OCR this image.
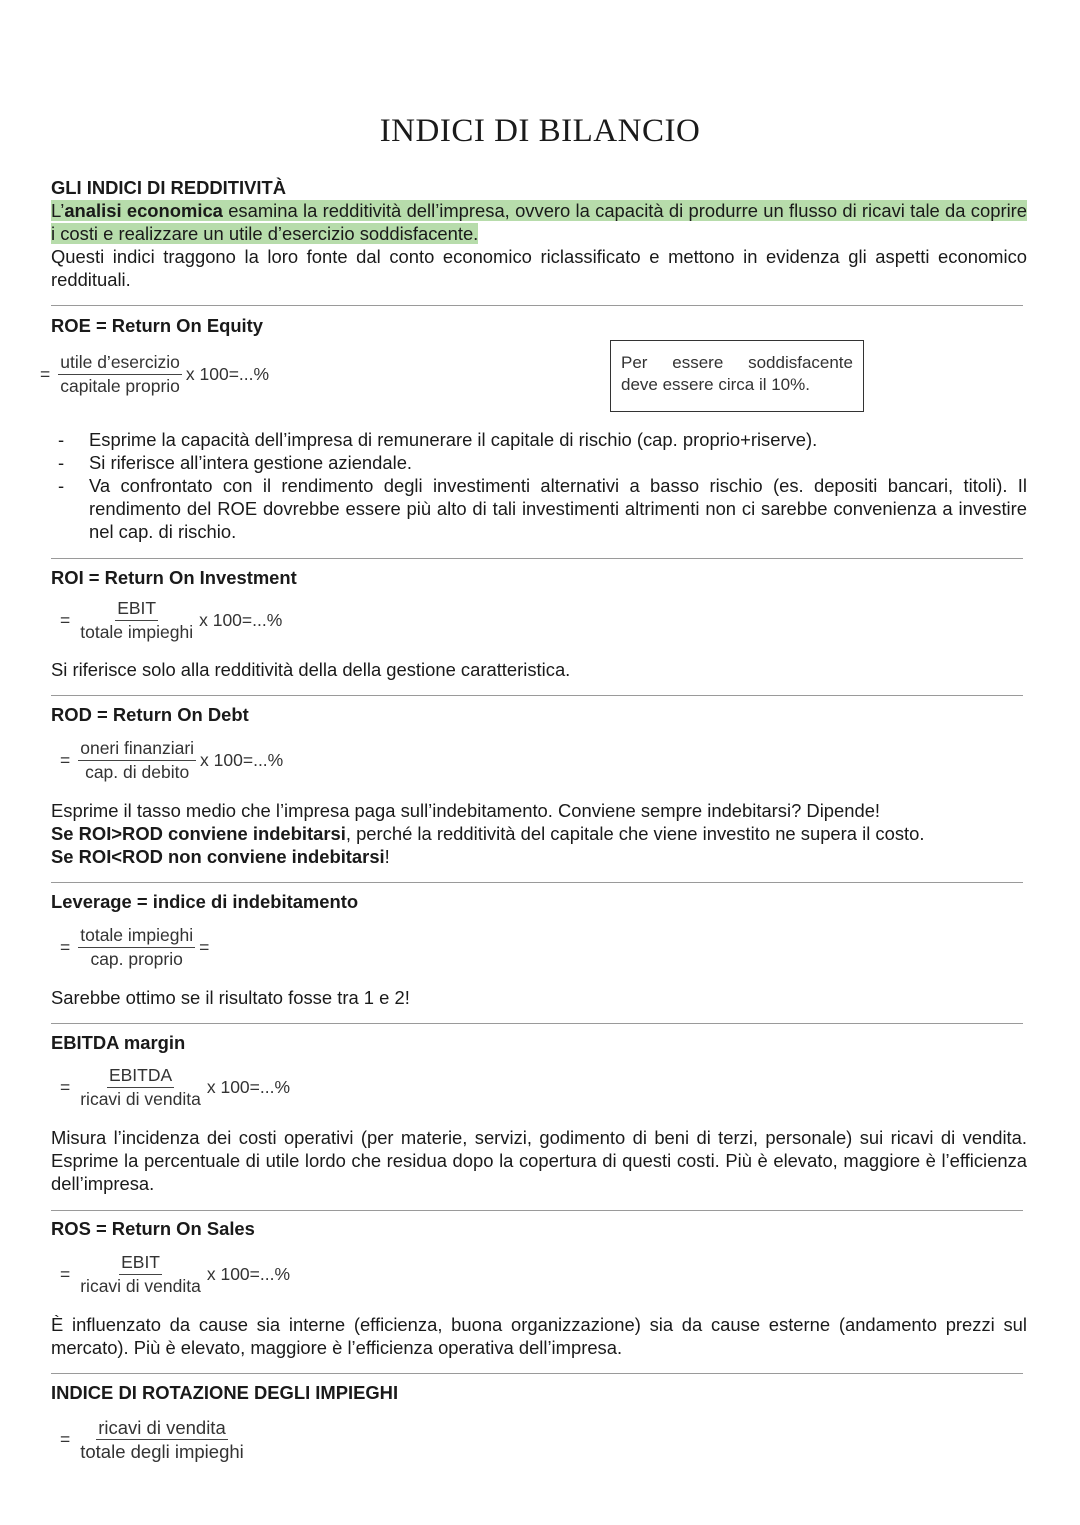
INDICI DI BILANCIO
GLI INDICI DI REDDITIVITÀ

L’analisi economica esamina la redditività dell’impresa, ovvero la capacità di produrre un flusso di ricavi tale da coprire i costi e realizzare un utile d’esercizio soddisfacente.

Questi indici traggono la loro fonte dal conto economico riclassificato e mettono in evidenza gli aspetti economico reddituali.

ROE = Return On Equity
= $\frac{\text{utile d’esercizio}}{\text{capitale proprio}}$ x 100=...%
Per essere soddisfacente
deve essere circa il 10%.
- Esprime la capacità dell’impresa di remunerare il capitale di rischio (cap. proprio+riserve).
- Si riferisce all’intera gestione aziendale.
- Va confrontato con il rendimento degli investimenti alternativi a basso rischio (es. depositi bancari, titoli). Il rendimento del ROE dovrebbe essere più alto di tali investimenti altrimenti non ci sarebbe convenienza a investire nel cap. di rischio.
ROI = Return On Investment
= $\frac{\text{EBIT}}{\text{totale impieghi}}$ x 100=...%

Si riferisce solo alla redditività della della gestione caratteristica.

ROD = Return On Debt
= $\frac{\text{oneri finanziari}}{\text{cap. di debito}}$ x 100=...%

Esprime il tasso medio che l’impresa paga sull’indebitamento. Conviene sempre indebitarsi? Dipende!

Se ROI>ROD conviene indebitarsi, perché la redditività del capitale che viene investito ne supera il costo.

Se ROI<ROD non conviene indebitarsi!

Leverage = indice di indebitamento
= $\frac{\text{totale impieghi}}{\text{cap. proprio}}$ =

Sarebbe ottimo se il risultato fosse tra 1 e 2!

EBITDA margin
= $\frac{\text{EBITDA}}{\text{ricavi di vendita}}$ x 100=...%

Misura l’incidenza dei costi operativi (per materie, servizi, godimento di beni di terzi, personale) sui ricavi di vendita. Esprime la percentuale di utile lordo che residua dopo la copertura di questi costi. Più è elevato, maggiore è l’efficienza dell’impresa.

ROS = Return On Sales
= $\frac{\text{EBIT}}{\text{ricavi di vendita}}$ x 100=...%

È influenzato da cause sia interne (efficienza, buona organizzazione) sia da cause esterne (andamento prezzi sul mercato). Più è elevato, maggiore è l’efficienza operativa dell’impresa.

INDICE DI ROTAZIONE DEGLI IMPIEGHI
= $\frac{\text{ricavi di vendita}}{\text{totale degli impieghi}}$
